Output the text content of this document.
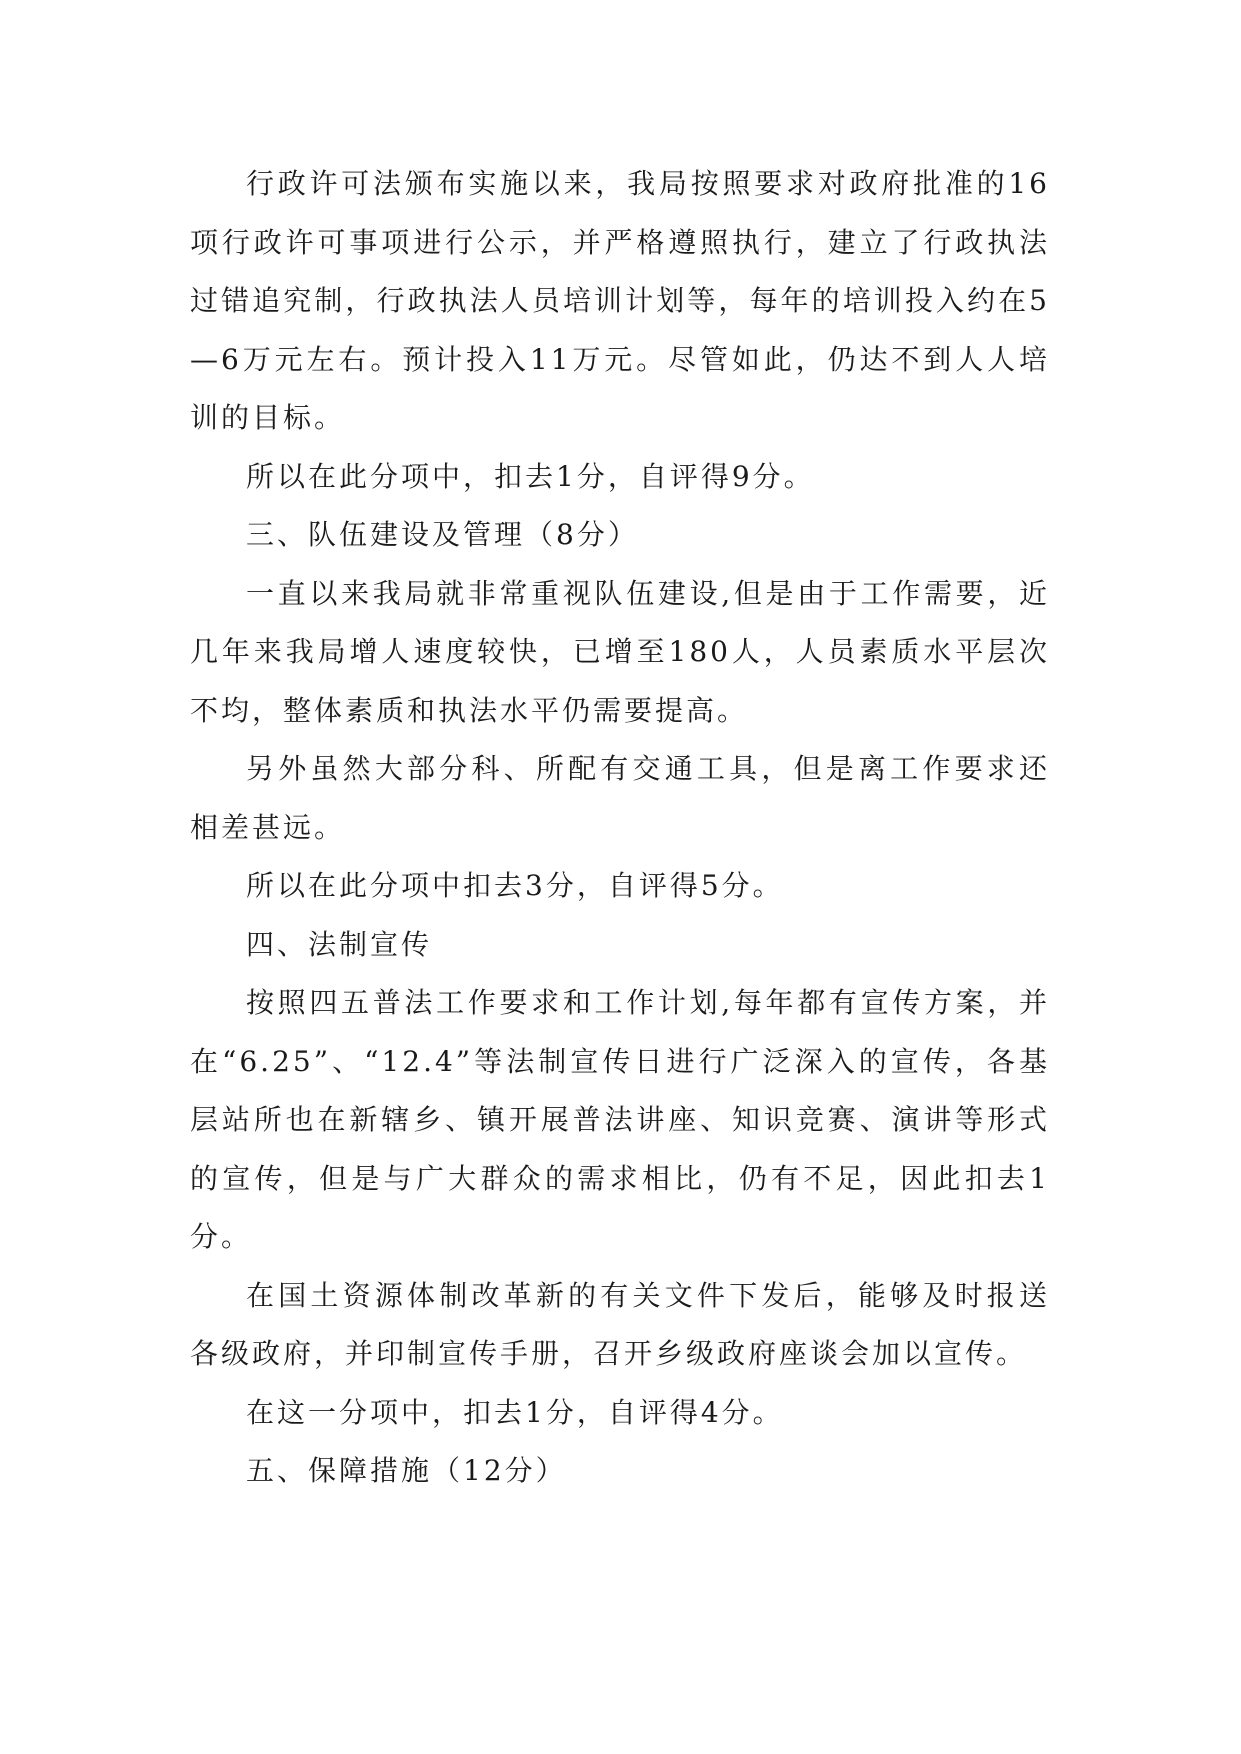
行政许可法颁布实施以来，我局按照要求对政府批准的16项行政许可事项进行公示，并严格遵照执行，建立了行政执法过错追究制，行政执法人员培训计划等，每年的培训投入约在5—6万元左右。预计投入11万元。尽管如此，仍达不到人人培训的目标。

所以在此分项中，扣去1分，自评得9分。

三、队伍建设及管理（8分）

一直以来我局就非常重视队伍建设,但是由于工作需要，近几年来我局增人速度较快，已增至180人，人员素质水平层次不均，整体素质和执法水平仍需要提高。

另外虽然大部分科、所配有交通工具，但是离工作要求还相差甚远。

所以在此分项中扣去3分，自评得5分。

四、法制宣传

按照四五普法工作要求和工作计划,每年都有宣传方案，并在“6.25”、“12.4”等法制宣传日进行广泛深入的宣传，各基层站所也在新辖乡、镇开展普法讲座、知识竞赛、演讲等形式的宣传，但是与广大群众的需求相比，仍有不足，因此扣去1分。

在国土资源体制改革新的有关文件下发后，能够及时报送各级政府，并印制宣传手册，召开乡级政府座谈会加以宣传。

在这一分项中，扣去1分，自评得4分。

五、保障措施（12分）
